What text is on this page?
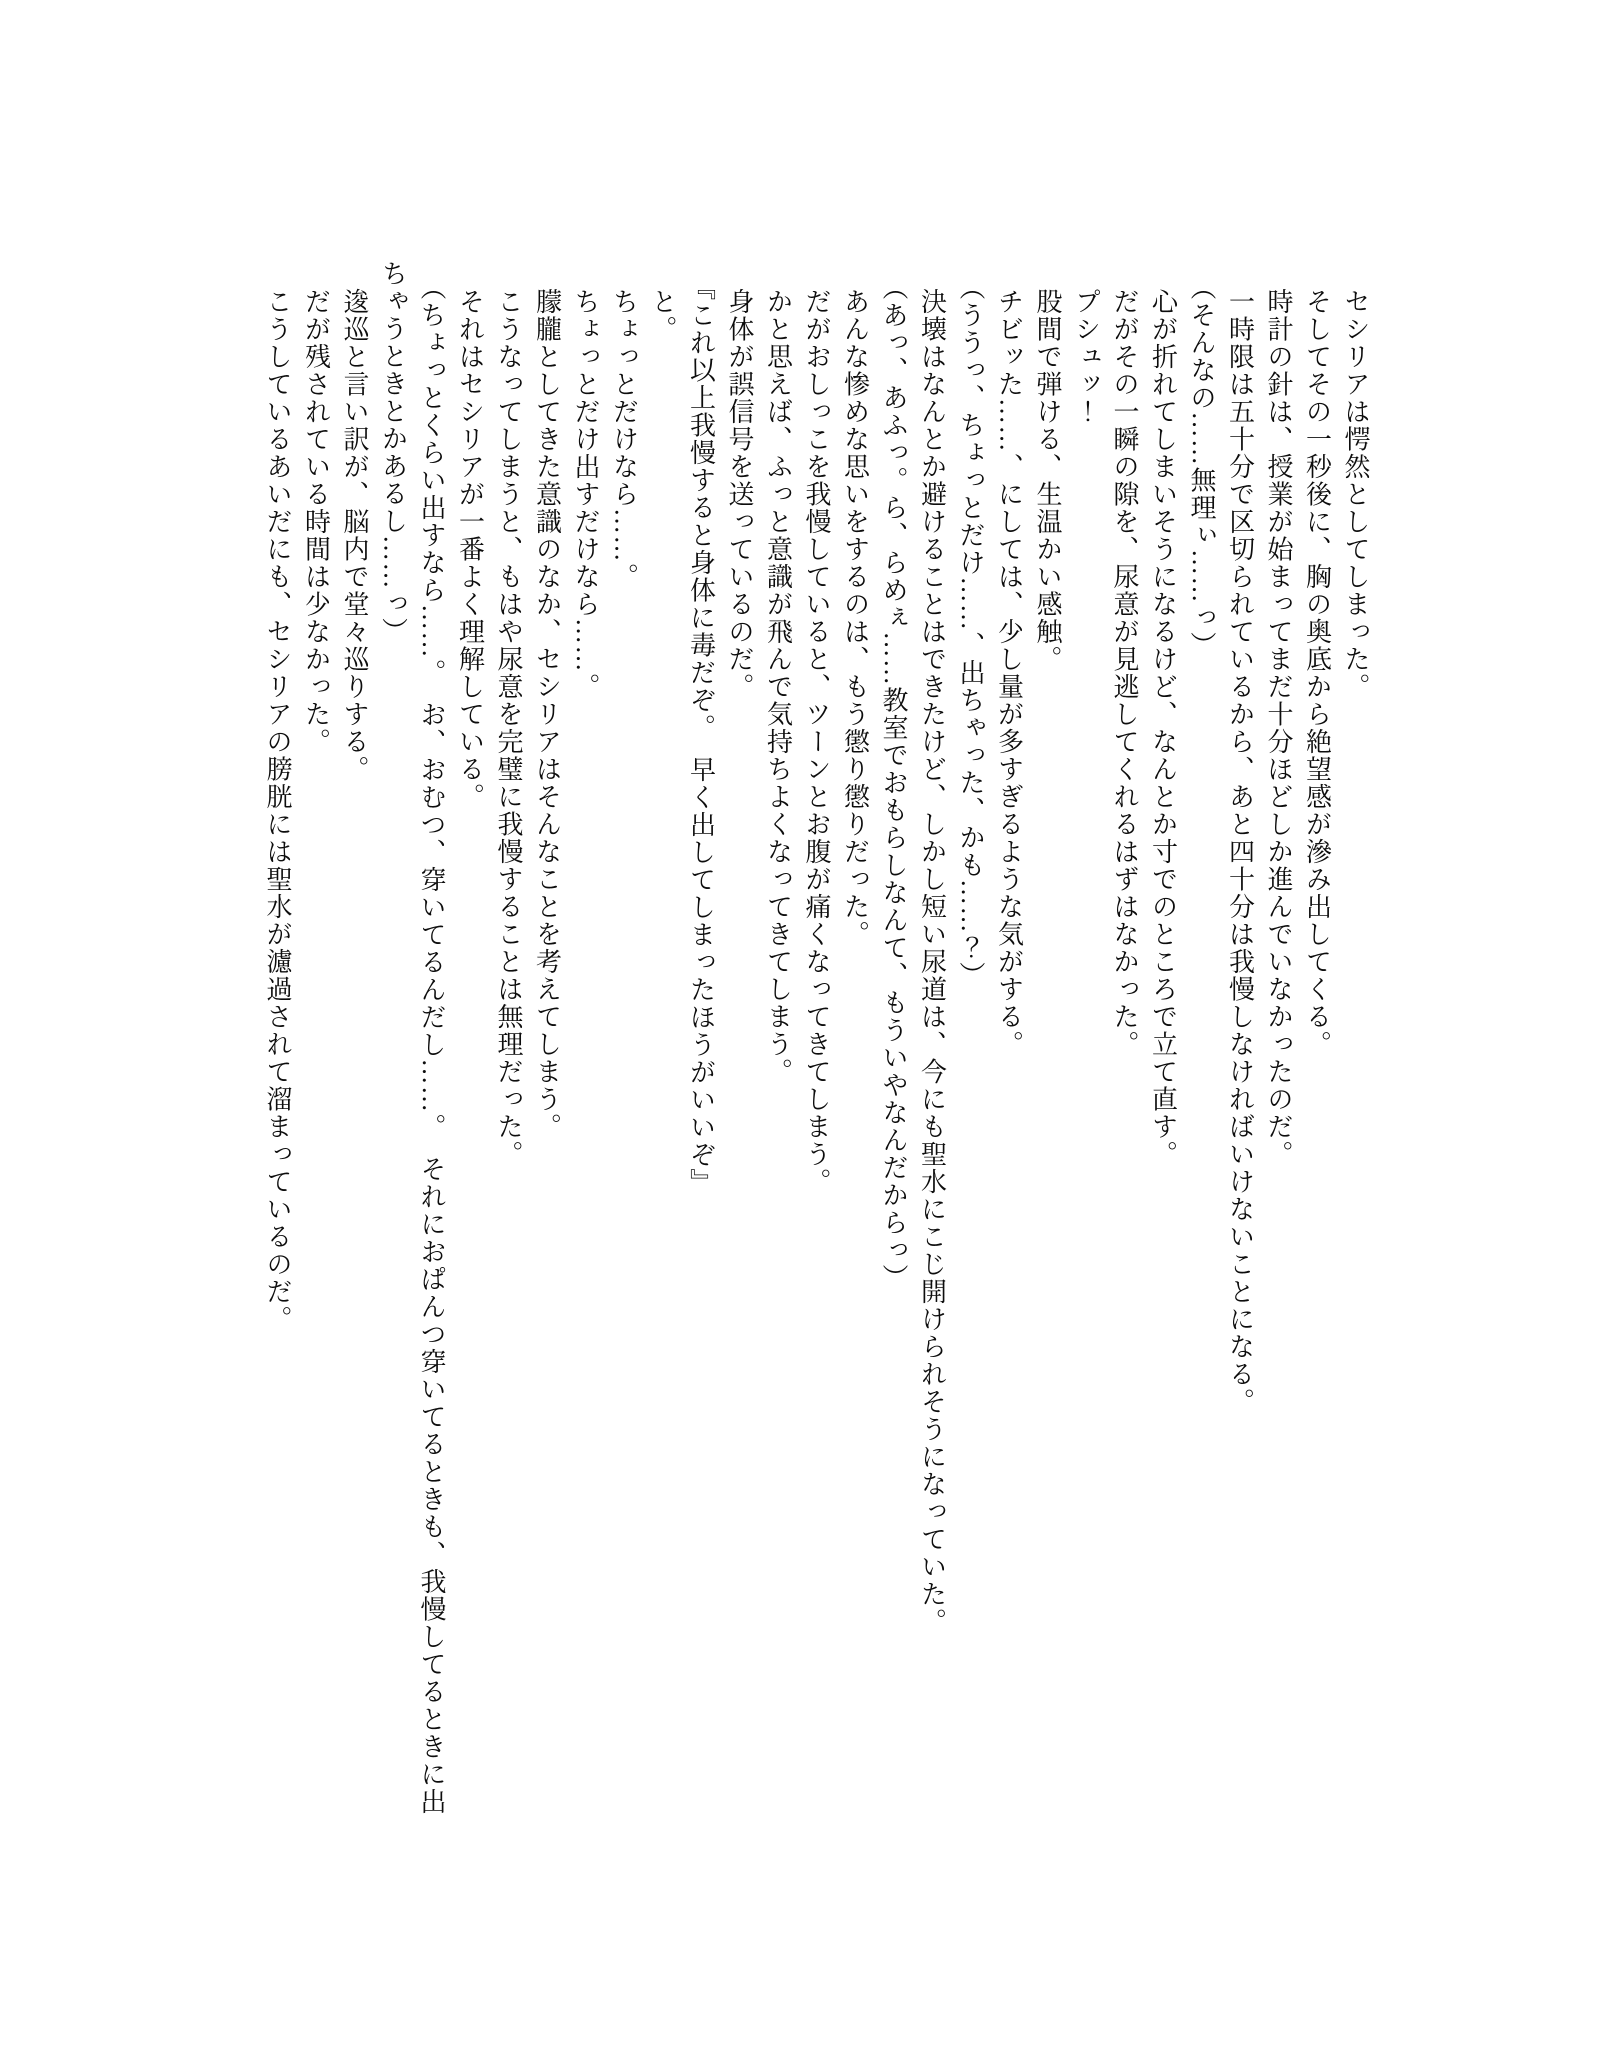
セシリアは愕然としてしまった。

そしてその一秒後に、胸の奥底から絶望感が滲み出してくる。

時計の針は、授業が始まってまだ十分ほどしか進んでいなかったのだ。

一時限は五十分で区切られているから、あと四十分は我慢しなければいけないことになる。

（そんなの……無理ぃ……っ）

心が折れてしまいそうになるけど、なんとか寸でのところで立て直す。

だがその一瞬の隙を、尿意が見逃してくれるはずはなかった。

プシュッ！

股間で弾ける、生温かい感触。

チビッた……、にしては、少し量が多すぎるような気がする。

（ううっ、ちょっとだけ……、出ちゃった、かも……？）

決壊はなんとか避けることはできたけど、しかし短い尿道は、今にも聖水にこじ開けられそうになっていた。

（あっ、あふっ。ら、らめぇ……教室でおもらしなんて、もういやなんだからっ）

あんな惨めな思いをするのは、もう懲り懲りだった。

だがおしっこを我慢していると、ツーンとお腹が痛くなってきてしまう。

かと思えば、ふっと意識が飛んで気持ちよくなってきてしまう。

身体が誤信号を送っているのだ。

『これ以上我慢すると身体に毒だぞ。　早く出してしまったほうがいいぞ』

と。

ちょっとだけなら……。

ちょっとだけ出すだけなら……。

朦朧としてきた意識のなか、セシリアはそんなことを考えてしまう。

こうなってしまうと、もはや尿意を完璧に我慢することは無理だった。

それはセシリアが一番よく理解している。

（ちょっとくらい出すなら……。　お、おむつ、穿いてるんだし……。　それにおぱんつ穿いてるときも、我慢してるときに出ちゃうときとかあるし……っ）

逡巡と言い訳が、脳内で堂々巡りする。

だが残されている時間は少なかった。

こうしているあいだにも、セシリアの膀胱には聖水が濾過されて溜まっているのだ。
